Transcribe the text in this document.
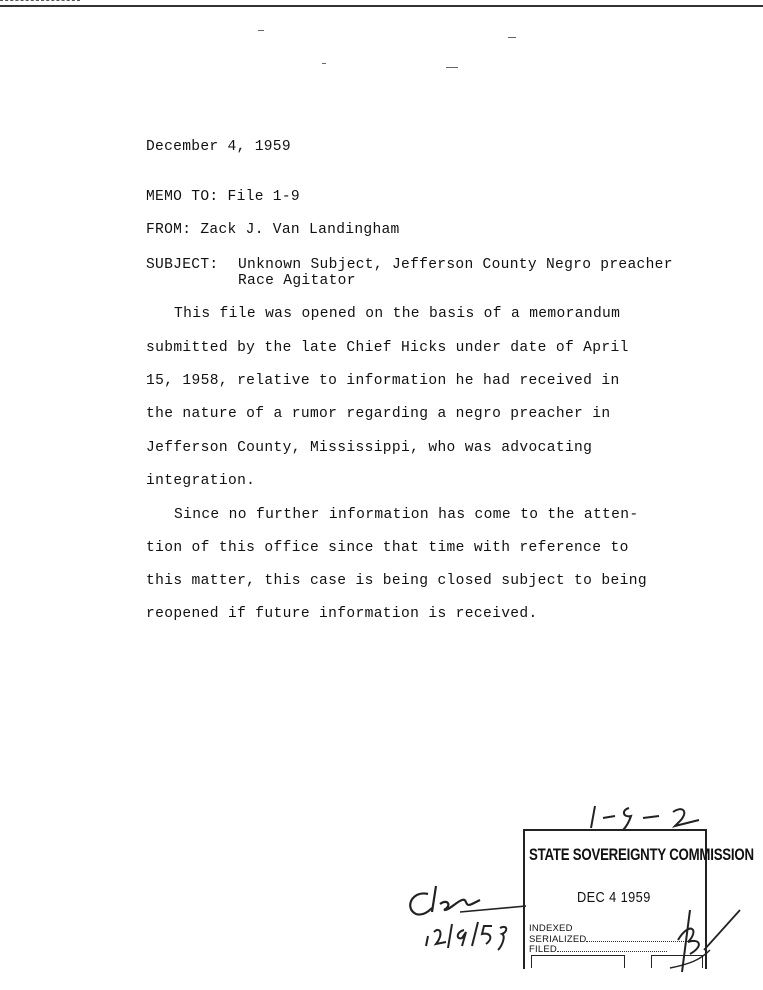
December 4, 1959
MEMO TO: File 1-9
FROM: Zack J. Van Landingham
SUBJECT: Unknown Subject, Jefferson County Negro preacher
Race Agitator
This file was opened on the basis of a memorandum
submitted by the late Chief Hicks under date of April
15, 1958, relative to information he had received in
the nature of a rumor regarding a negro preacher in
Jefferson County, Mississippi, who was advocating
integration.
Since no further information has come to the atten-
tion of this office since that time with reference to
this matter, this case is being closed subject to being
reopened if future information is received.
STATE SOVEREIGNTY COMMISSION
DEC 4 1959
INDEXED
SERIALIZED
FILED
